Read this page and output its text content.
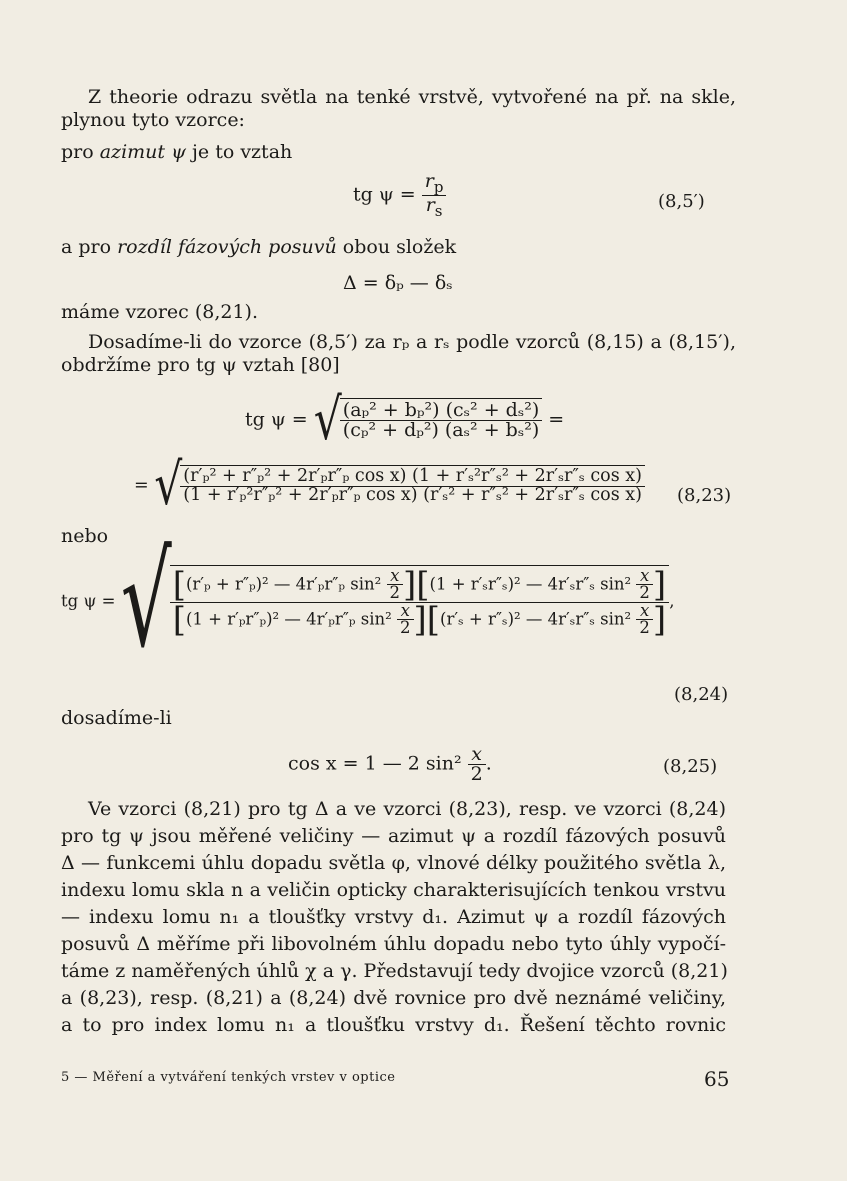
Z theorie odrazu světla na tenké vrstvě, vytvořené na př. na skle,
plynou tyto vzorce:
pro azimut ψ je to vztah
tg $\psi = \frac{r_p}{r_s}$	(8,5′)
a pro rozdíl fázových posuvů obou složek
Δ = δₚ — δₛ
máme vzorec (8,21).
Dosadíme-li do vzorce (8,5′) za rₚ a rₛ podle vzorců (8,15) a (8,15′),
obdržíme pro tg ψ vztah [80]
tg ψ = √
$\frac{\text{(aₚ² + bₚ²) (cₛ² + dₛ²)}}{\text{(cₚ² + dₚ²) (aₛ² + bₛ²)}}$ =
= √
$\frac{\text{(r′ₚ² + r″ₚ² + 2r′ₚr″ₚ cos x) (1 + r′ₛ²r″ₛ² + 2r′ₛr″ₛ cos x)}}{\text{(1 + r′ₚ²r″ₚ² + 2r′ₚr″ₚ cos x) (r′ₛ² + r″ₛ² + 2r′ₛr″ₛ cos x)}} (8,23)$
nebo
tg ψ = √ [(r′ₚ + r″ₚ)² — 4r′ₚr″ₚ $\sin^2 \frac{x}{2} ][(1 + r'_sr''_s)^2$ — 4r′ₛr″ₛ $\sin^2 \frac{x}{2}$ ]
[(1 + r′ₚr″ₚ)² — 4r′ₚr″ₚ $\sin^2 \frac{x}{2} ][(r'_s + r''_s)^2$ — 4r′ₛr″ₛ $\sin^2 \frac{x}{2}$ ] ,
(8,24)
dosadíme-li
cos x = 1 — 2 $\sin^2 \frac{x}{2}$ .	(8,25)
Ve vzorci (8,21) pro tg Δ a ve vzorci (8,23), resp. ve vzorci (8,24)
pro tg ψ jsou měřené veličiny — azimut ψ a rozdíl fázových posuvů
Δ — funkcemi úhlu dopadu světla φ, vlnové délky použitého světla λ,
indexu lomu skla n a veličin opticky charakterisujících tenkou vrstvu
— indexu lomu n₁ a tloušťky vrstvy d₁. Azimut ψ a rozdíl fázových
posuvů Δ měříme při libovolném úhlu dopadu nebo tyto úhly vypočí-
táme z naměřených úhlů χ a γ. Představují tedy dvojice vzorců (8,21)
a (8,23), resp. (8,21) a (8,24) dvě rovnice pro dvě neznámé veličiny,
a to pro index lomu n₁ a tloušťku vrstvy d₁. Řešení těchto rovnic
5 — Měření a vytváření tenkých vrstev v optice	65
